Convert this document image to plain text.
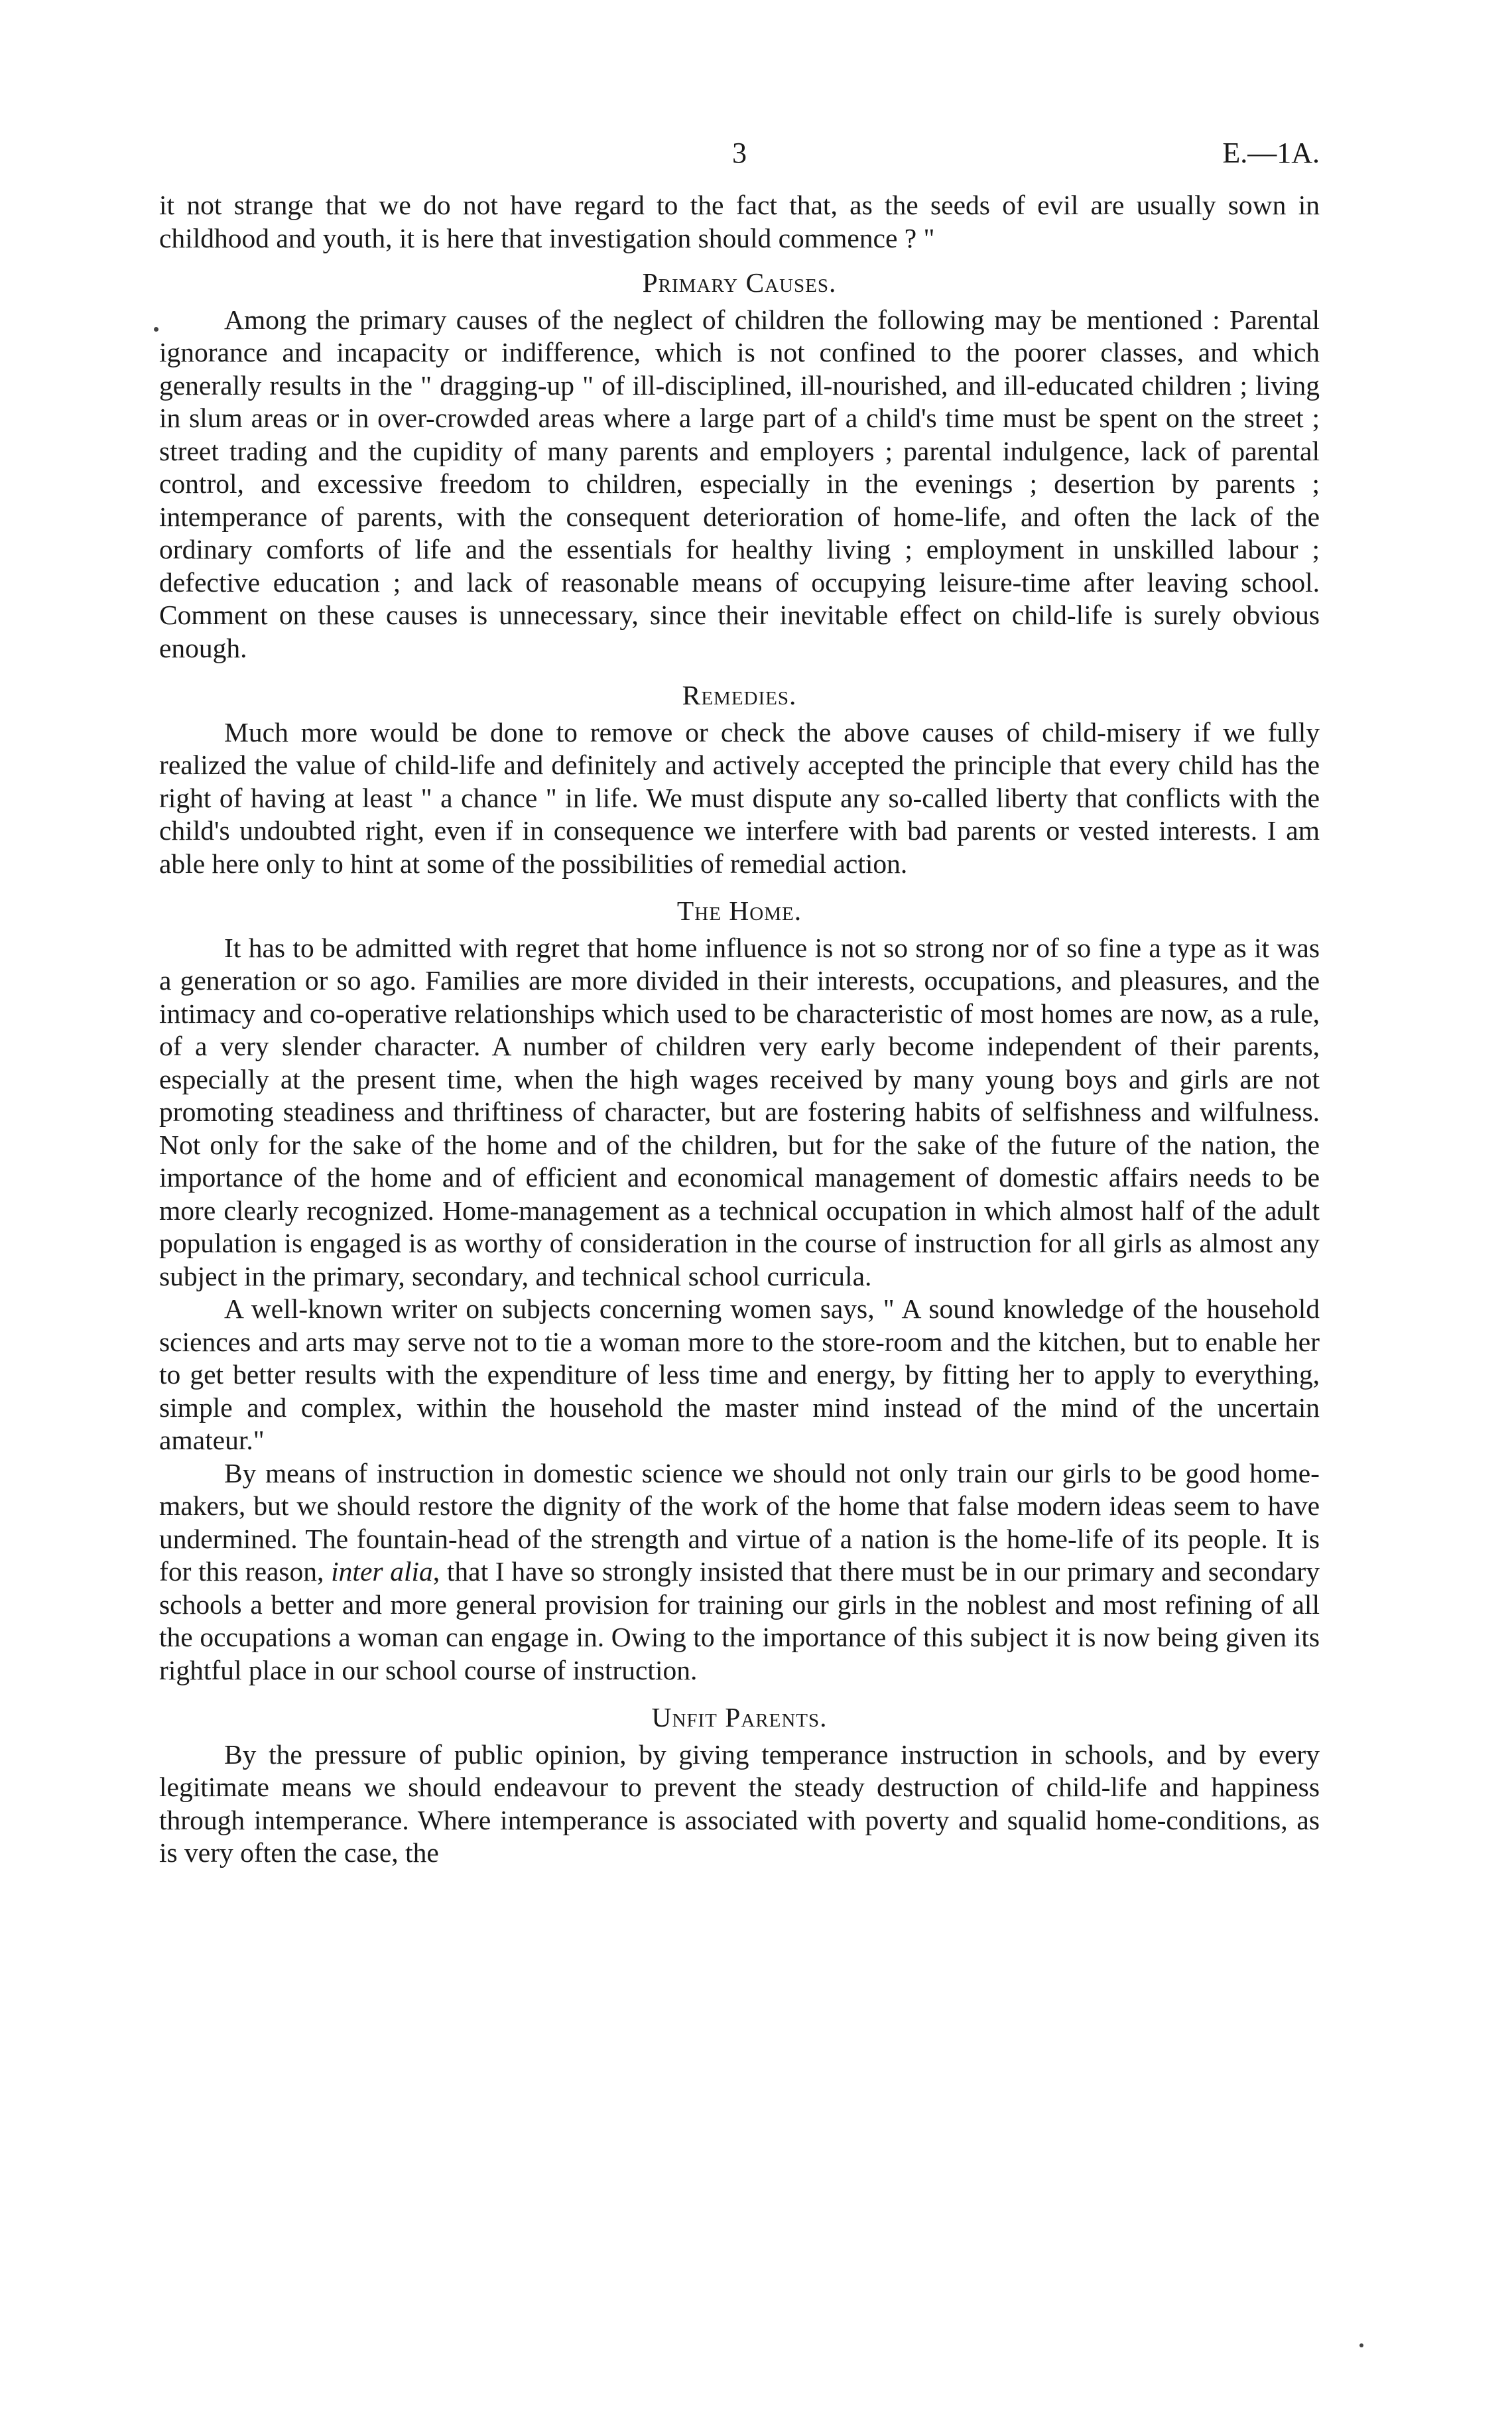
3	E.—1A.

it not strange that we do not have regard to the fact that, as the seeds of evil are usually sown in childhood and youth, it is here that investigation should commence ? "

Primary Causes.

Among the primary causes of the neglect of children the following may be mentioned : Parental ignorance and incapacity or indifference, which is not confined to the poorer classes, and which generally results in the " dragging-up " of ill-disciplined, ill-nourished, and ill-educated children ; living in slum areas or in over-crowded areas where a large part of a child's time must be spent on the street ; street trading and the cupidity of many parents and employers ; parental indulgence, lack of parental control, and excessive freedom to children, especially in the evenings ; desertion by parents ; intemperance of parents, with the consequent deterioration of home-life, and often the lack of the ordinary comforts of life and the essentials for healthy living ; employment in unskilled labour ; defective education ; and lack of reasonable means of occupying leisure-time after leaving school. Comment on these causes is unnecessary, since their inevitable effect on child-life is surely obvious enough.

Remedies.

Much more would be done to remove or check the above causes of child-misery if we fully realized the value of child-life and definitely and actively accepted the principle that every child has the right of having at least " a chance " in life. We must dispute any so-called liberty that conflicts with the child's undoubted right, even if in consequence we interfere with bad parents or vested interests. I am able here only to hint at some of the possibilities of remedial action.

The Home.

It has to be admitted with regret that home influence is not so strong nor of so fine a type as it was a generation or so ago. Families are more divided in their interests, occupations, and pleasures, and the intimacy and co-operative relationships which used to be characteristic of most homes are now, as a rule, of a very slender character. A number of children very early become independent of their parents, especially at the present time, when the high wages received by many young boys and girls are not promoting steadiness and thriftiness of character, but are fostering habits of selfishness and wilfulness. Not only for the sake of the home and of the children, but for the sake of the future of the nation, the importance of the home and of efficient and economical management of domestic affairs needs to be more clearly recognized. Home-management as a technical occupation in which almost half of the adult population is engaged is as worthy of consideration in the course of instruction for all girls as almost any subject in the primary, secondary, and technical school curricula.

A well-known writer on subjects concerning women says, " A sound knowledge of the household sciences and arts may serve not to tie a woman more to the store-room and the kitchen, but to enable her to get better results with the expenditure of less time and energy, by fitting her to apply to everything, simple and complex, within the household the master mind instead of the mind of the uncertain amateur."

By means of instruction in domestic science we should not only train our girls to be good home-makers, but we should restore the dignity of the work of the home that false modern ideas seem to have undermined. The fountain-head of the strength and virtue of a nation is the home-life of its people. It is for this reason, inter alia, that I have so strongly insisted that there must be in our primary and secondary schools a better and more general provision for training our girls in the noblest and most refining of all the occupations a woman can engage in. Owing to the importance of this subject it is now being given its rightful place in our school course of instruction.

Unfit Parents.

By the pressure of public opinion, by giving temperance instruction in schools, and by every legitimate means we should endeavour to prevent the steady destruction of child-life and happiness through intemperance. Where intemperance is associated with poverty and squalid home-conditions, as is very often the case, the
